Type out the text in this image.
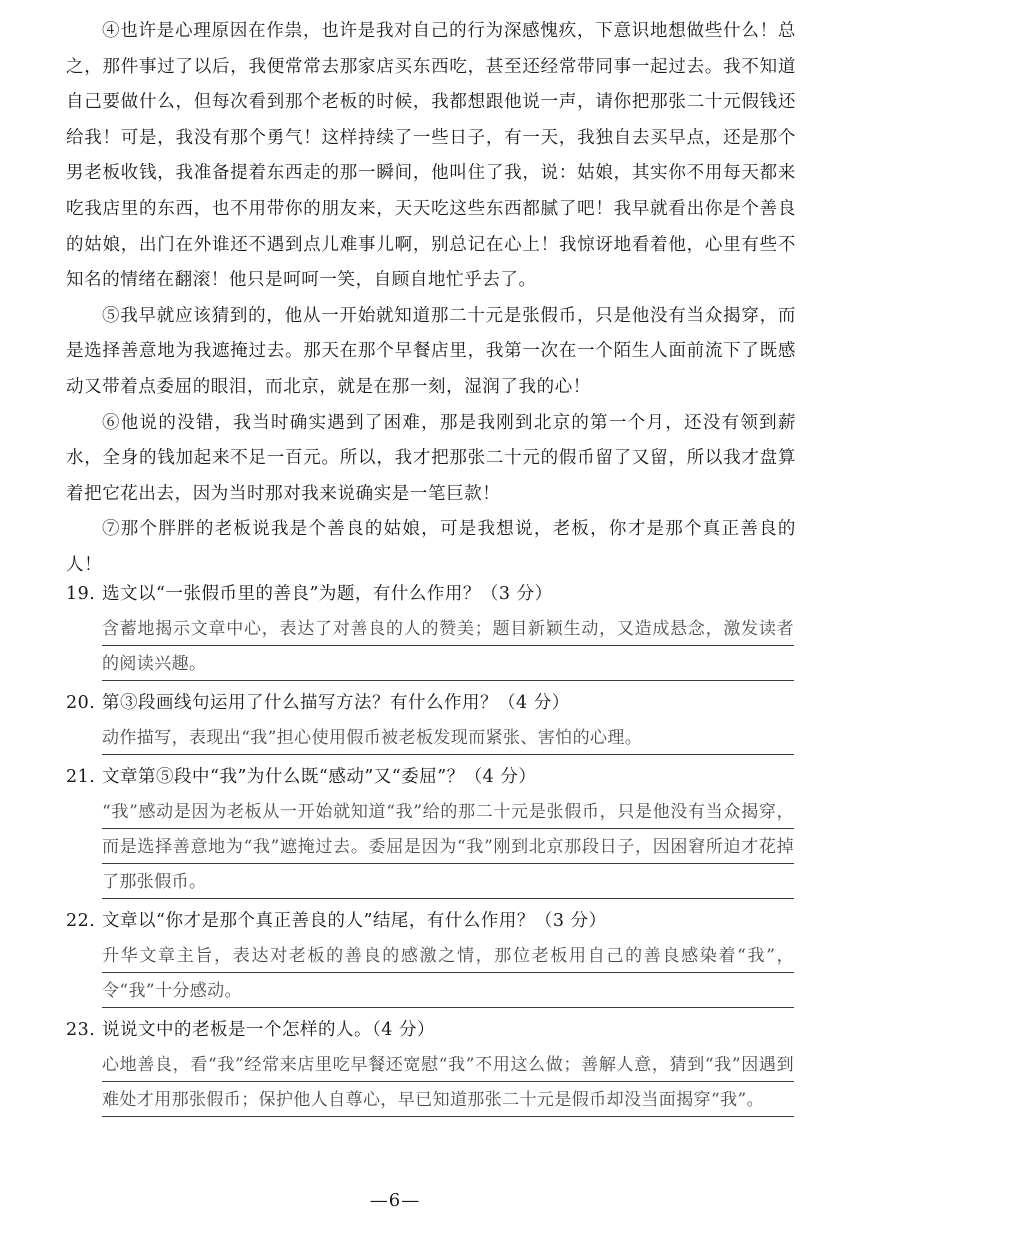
④也许是心理原因在作祟，也许是我对自己的行为深感愧疚，下意识地想做些什么！总之，那件事过了以后，我便常常去那家店买东西吃，甚至还经常带同事一起过去。我不知道自己要做什么，但每次看到那个老板的时候，我都想跟他说一声，请你把那张二十元假钱还给我！可是，我没有那个勇气！这样持续了一些日子，有一天，我独自去买早点，还是那个男老板收钱，我准备提着东西走的那一瞬间，他叫住了我，说：姑娘，其实你不用每天都来吃我店里的东西，也不用带你的朋友来，天天吃这些东西都腻了吧！我早就看出你是个善良的姑娘，出门在外谁还不遇到点儿难事儿啊，别总记在心上！我惊讶地看着他，心里有些不知名的情绪在翻滚！他只是呵呵一笑，自顾自地忙乎去了。

⑤我早就应该猜到的，他从一开始就知道那二十元是张假币，只是他没有当众揭穿，而是选择善意地为我遮掩过去。那天在那个早餐店里，我第一次在一个陌生人面前流下了既感动又带着点委屈的眼泪，而北京，就是在那一刻，湿润了我的心！

⑥他说的没错，我当时确实遇到了困难，那是我刚到北京的第一个月，还没有领到薪水，全身的钱加起来不足一百元。所以，我才把那张二十元的假币留了又留，所以我才盘算着把它花出去，因为当时那对我来说确实是一笔巨款！

⑦那个胖胖的老板说我是个善良的姑娘，可是我想说，老板，你才是那个真正善良的人！

19. 选文以“一张假币里的善良”为题，有什么作用？（3 分）
含蓄地揭示文章中心，表达了对善良的人的赞美；题目新颖生动，又造成悬念，激发读者的阅读兴趣。
20. 第③段画线句运用了什么描写方法？有什么作用？（4 分）
动作描写，表现出“我”担心使用假币被老板发现而紧张、害怕的心理。
21. 文章第⑤段中“我”为什么既“感动”又“委屈”？（4 分）
“我”感动是因为老板从一开始就知道“我”给的那二十元是张假币，只是他没有当众揭穿，而是选择善意地为“我”遮掩过去。委屈是因为“我”刚到北京那段日子，因困窘所迫才花掉了那张假币。
22. 文章以“你才是那个真正善良的人”结尾，有什么作用？（3 分）
升华文章主旨，表达对老板的善良的感激之情，那位老板用自己的善良感染着“我”，令“我”十分感动。
23. 说说文中的老板是一个怎样的人。（4 分）
心地善良，看“我”经常来店里吃早餐还宽慰“我”不用这么做；善解人意，猜到“我”因遇到难处才用那张假币；保护他人自尊心，早已知道那张二十元是假币却没当面揭穿“我”。
—6—
